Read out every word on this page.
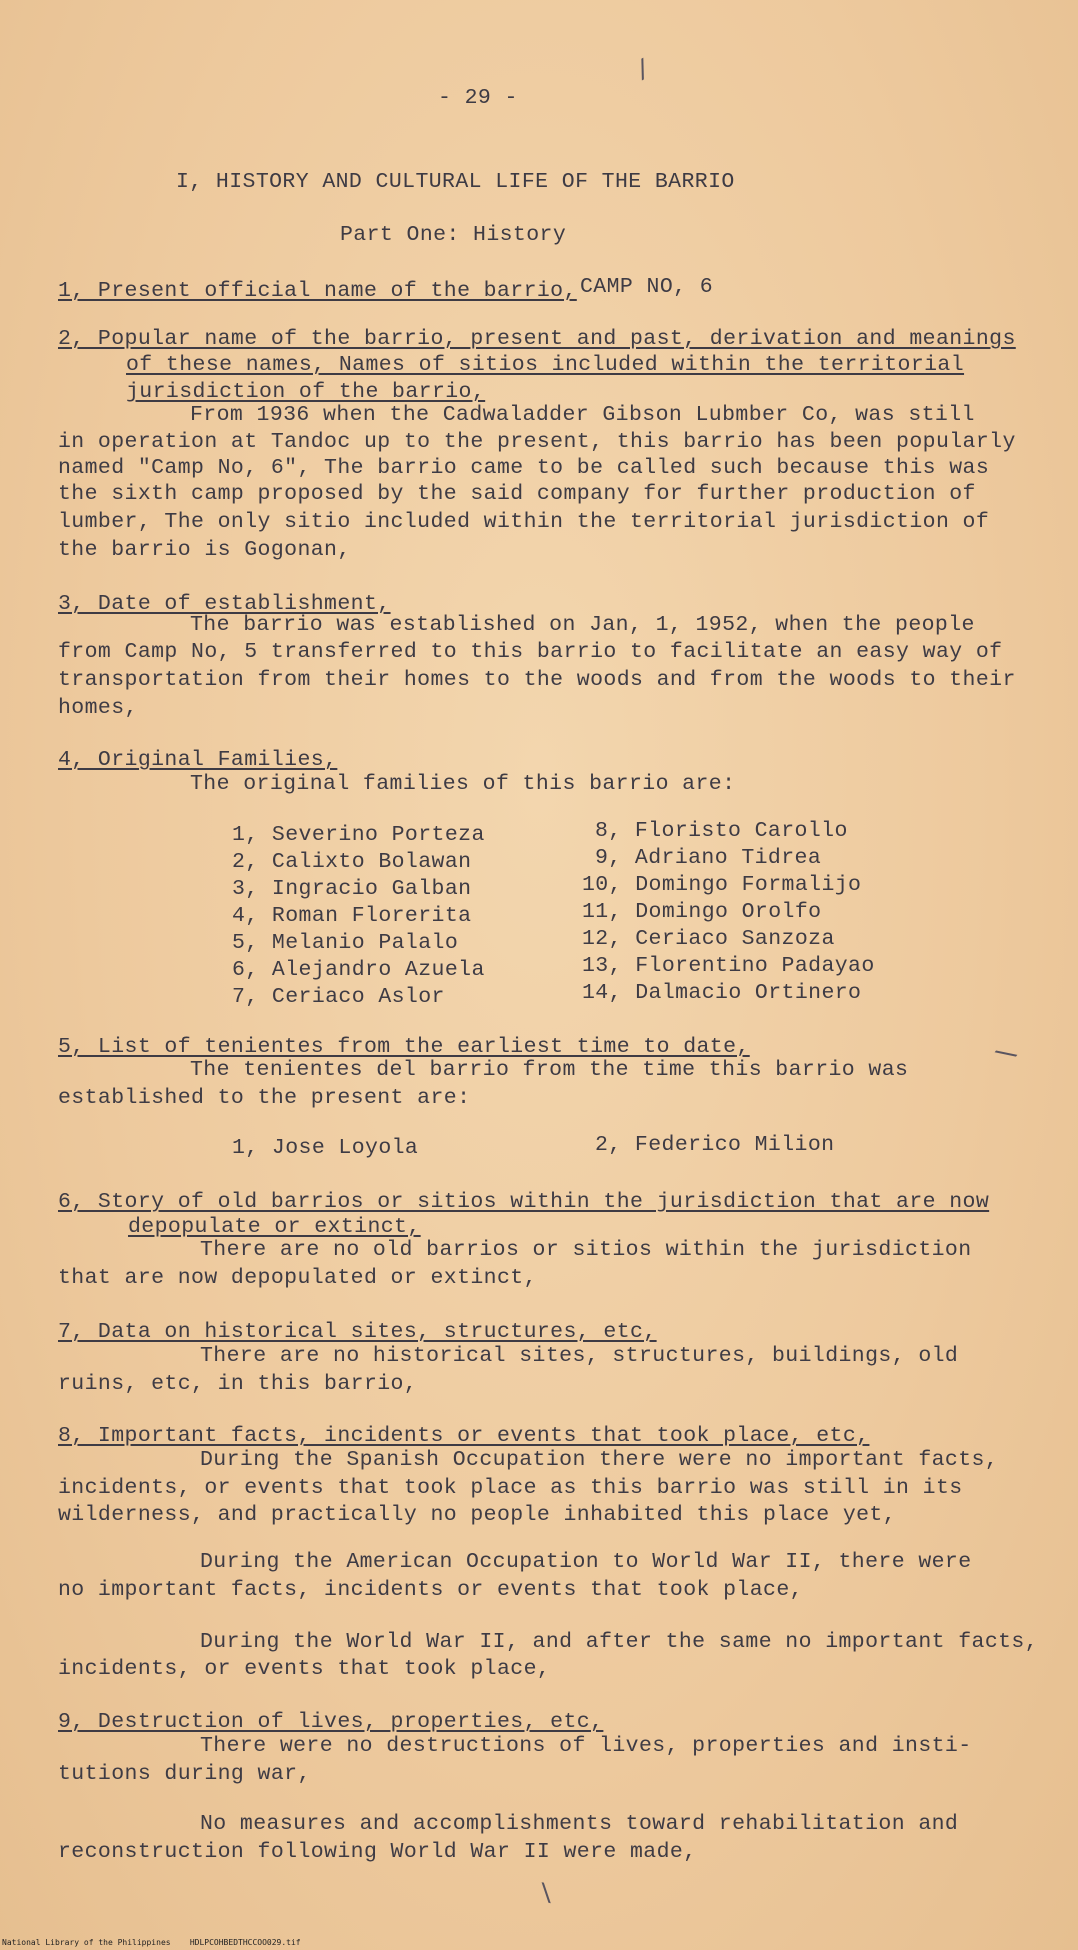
- 29 -
I, HISTORY AND CULTURAL LIFE OF THE BARRIO
Part One: History
1, Present official name of the barrio, CAMP NO, 6
2, Popular name of the barrio, present and past, derivation and meanings
of these names, Names of sitios included within the territorial
jurisdiction of the barrio,
From 1936 when the Cadwaladder Gibson Lubmber Co, was still
in operation at Tandoc up to the present, this barrio has been popularly
named "Camp No, 6", The barrio came to be called such because this was
the sixth camp proposed by the said company for further production of
lumber, The only sitio included within the territorial jurisdiction of
the barrio is Gogonan,
3, Date of establishment,
The barrio was established on Jan, 1, 1952, when the people
from Camp No, 5 transferred to this barrio to facilitate an easy way of
transportation from their homes to the woods and from the woods to their
homes,
4, Original Families,
The original families of this barrio are:
1, Severino Porteza
2, Calixto Bolawan
3, Ingracio Galban
4, Roman Florerita
5, Melanio Palalo
6, Alejandro Azuela
7, Ceriaco Aslor
8, Floristo Carollo
9, Adriano Tidrea
10, Domingo Formalijo
11, Domingo Orolfo
12, Ceriaco Sanzoza
13, Florentino Padayao
14, Dalmacio Ortinero
5, List of tenientes from the earliest time to date,
The tenientes del barrio from the time this barrio was
established to the present are:
1, Jose Loyola	2, Federico Milion
6, Story of old barrios or sitios within the jurisdiction that are now
depopulate or extinct,
There are no old barrios or sitios within the jurisdiction
that are now depopulated or extinct,
7, Data on historical sites, structures, etc,
There are no historical sites, structures, buildings, old
ruins, etc, in this barrio,
8, Important facts, incidents or events that took place, etc,
During the Spanish Occupation there were no important facts,
incidents, or events that took place as this barrio was still in its
wilderness, and practically no people inhabited this place yet,
During the American Occupation to World War II, there were
no important facts, incidents or events that took place,
During the World War II, and after the same no important facts,
incidents, or events that took place,
9, Destruction of lives, properties, etc,
There were no destructions of lives, properties and insti-
tutions during war,
No measures and accomplishments toward rehabilitation and
reconstruction following World War II were made,
/
\
\
National Library of the Philippines    HDLPCOHBEDTHCCOO029.tif
